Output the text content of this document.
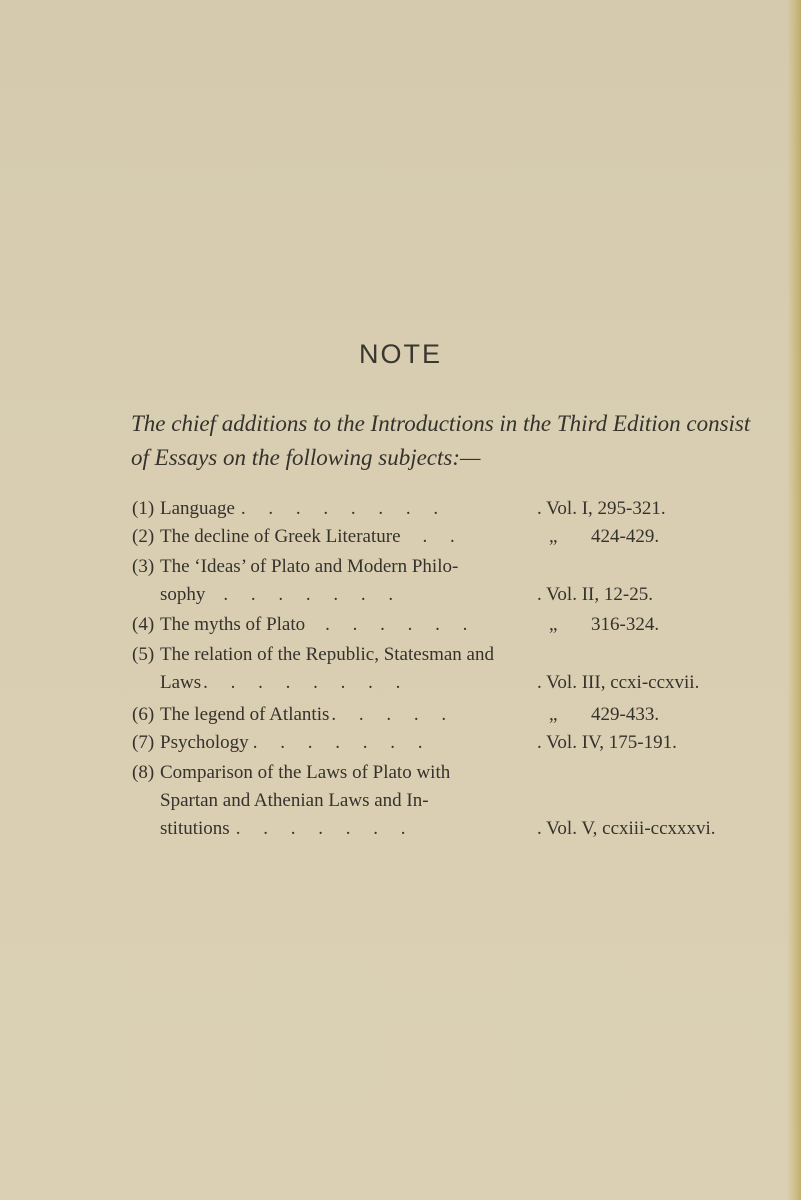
NOTE

The chief additions to the Introductions in the Third Edition consist of Essays on the following subjects:—

(1) Language . . . . . . . .	. Vol. I, 295-321.
(2) The decline of Greek Literature . .	„ 424-429.
(3) The ‘Ideas’ of Plato and Modern Philo-
sophy . . . . . . .	. Vol. II, 12-25.
(4) The myths of Plato . . . . . .	„ 316-324.
(5) The relation of the Republic, Statesman and
Laws . . . . . . . .	. Vol. III, ccxi-ccxvii.
(6) The legend of Atlantis . . . . .	„ 429-433.
(7) Psychology . . . . . . .	. Vol. IV, 175-191.
(8) Comparison of the Laws of Plato with
Spartan and Athenian Laws and In-
stitutions . . . . . . .	. Vol. V, ccxiii-ccxxxvi.
